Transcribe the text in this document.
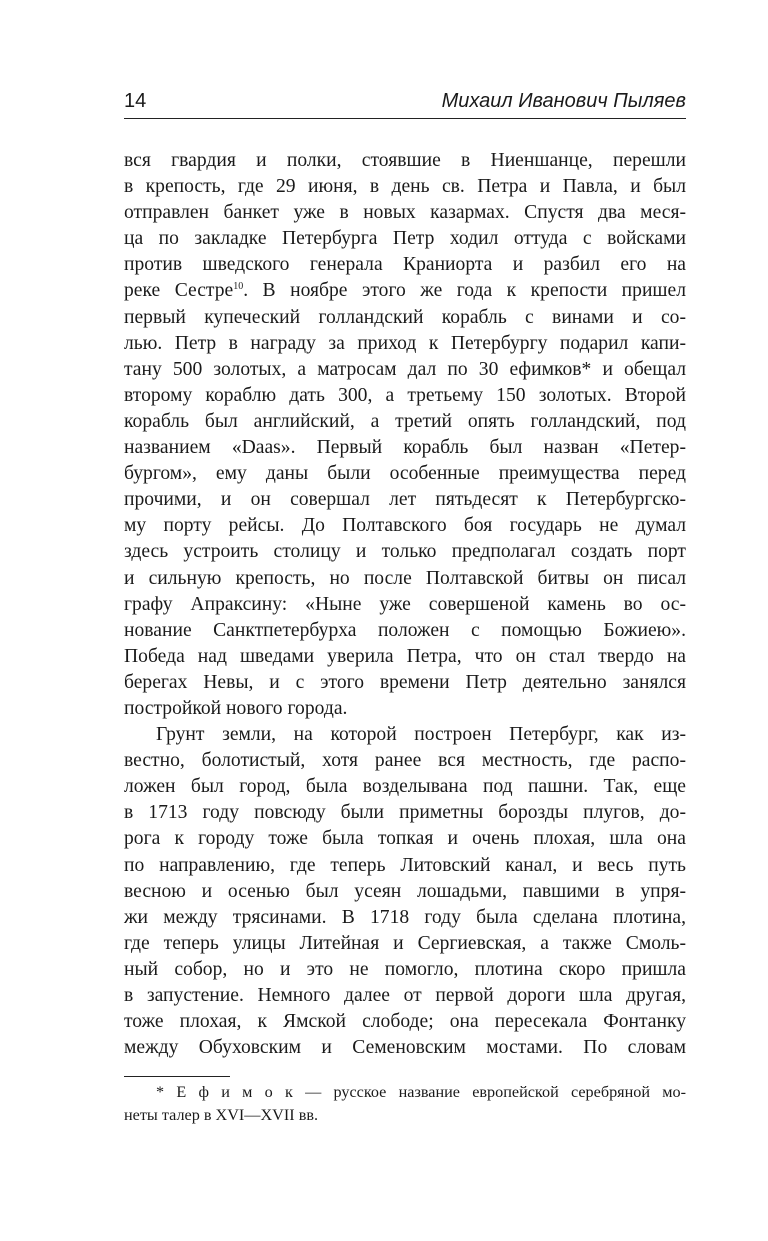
14	Михаил Иванович Пыляев
вся гвардия и полки, стоявшие в Ниеншанце, перешли
в крепость, где 29 июня, в день св. Петра и Павла, и был
отправлен банкет уже в новых казармах. Спустя два меся-
ца по закладке Петербурга Петр ходил оттуда с войсками
против шведского генерала Краниорта и разбил его на
реке Сестре$^{10}$. В ноябре этого же года к крепости пришел
первый купеческий голландский корабль с винами и со-
лью. Петр в награду за приход к Петербургу подарил капи-
тану 500 золотых, а матросам дал по 30 ефимков* и обещал
второму кораблю дать 300, а третьему 150 золотых. Второй
корабль был английский, а третий опять голландский, под
названием «Daas». Первый корабль был назван «Петер-
бургом», ему даны были особенные преимущества перед
прочими, и он совершал лет пятьдесят к Петербургско-
му порту рейсы. До Полтавского боя государь не думал
здесь устроить столицу и только предполагал создать порт
и сильную крепость, но после Полтавской битвы он писал
графу Апраксину: «Ныне уже совершеной камень во ос-
нование Санктпетербурха положен с помощью Божиею».
Победа над шведами уверила Петра, что он стал твердо на
берегах Невы, и с этого времени Петр деятельно занялся
постройкой нового города.
Грунт земли, на которой построен Петербург, как из-
вестно, болотистый, хотя ранее вся местность, где распо-
ложен был город, была возделывана под пашни. Так, еще
в 1713 году повсюду были приметны борозды плугов, до-
рога к городу тоже была топкая и очень плохая, шла она
по направлению, где теперь Литовский канал, и весь путь
весною и осенью был усеян лошадьми, павшими в упря-
жи между трясинами. В 1718 году была сделана плотина,
где теперь улицы Литейная и Сергиевская, а также Смоль-
ный собор, но и это не помогло, плотина скоро пришла
в запустение. Немного далее от первой дороги шла другая,
тоже плохая, к Ямской слободе; она пересекала Фонтанку
между Обуховским и Семеновским мостами. По словам
* Е ф и м о к — русское название европейской серебряной мо-
неты талер в XVI—XVII вв.
